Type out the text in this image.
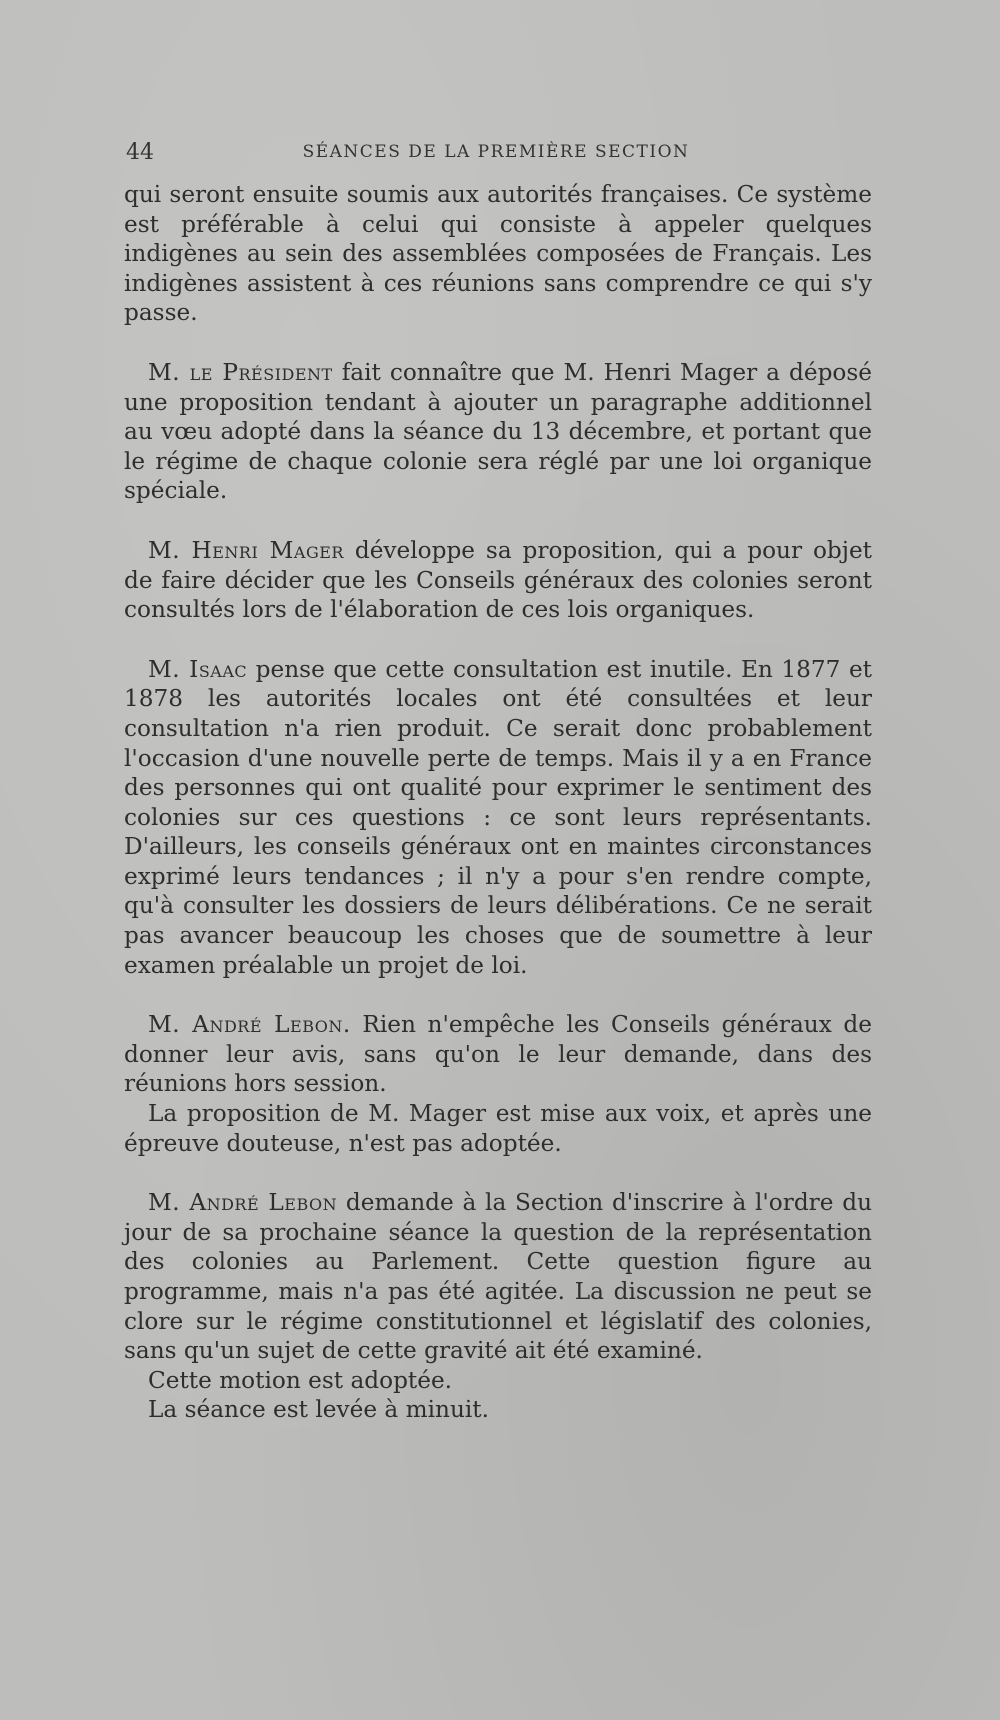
44	SÉANCES DE LA PREMIÈRE SECTION

qui seront ensuite soumis aux autorités françaises. Ce système est préférable à celui qui consiste à appeler quelques indigènes au sein des assemblées composées de Français. Les indigènes assistent à ces réunions sans comprendre ce qui s'y passe.

M. le Président fait connaître que M. Henri Mager a déposé une proposition tendant à ajouter un paragraphe additionnel au vœu adopté dans la séance du 13 décembre, et portant que le régime de chaque colonie sera réglé par une loi organique spéciale.

M. Henri Mager développe sa proposition, qui a pour objet de faire décider que les Conseils généraux des colonies seront consultés lors de l'élaboration de ces lois organiques.

M. Isaac pense que cette consultation est inutile. En 1877 et 1878 les autorités locales ont été consultées et leur consultation n'a rien produit. Ce serait donc probablement l'occasion d'une nouvelle perte de temps. Mais il y a en France des personnes qui ont qualité pour exprimer le sentiment des colonies sur ces questions : ce sont leurs représentants. D'ailleurs, les conseils généraux ont en maintes circonstances exprimé leurs tendances ; il n'y a pour s'en rendre compte, qu'à consulter les dossiers de leurs délibérations. Ce ne serait pas avancer beaucoup les choses que de soumettre à leur examen préalable un projet de loi.

M. André Lebon. Rien n'empêche les Conseils généraux de donner leur avis, sans qu'on le leur demande, dans des réunions hors session.

La proposition de M. Mager est mise aux voix, et après une épreuve douteuse, n'est pas adoptée.

M. André Lebon demande à la Section d'inscrire à l'ordre du jour de sa prochaine séance la question de la représentation des colonies au Parlement. Cette question figure au programme, mais n'a pas été agitée. La discussion ne peut se clore sur le régime constitutionnel et législatif des colonies, sans qu'un sujet de cette gravité ait été examiné.

Cette motion est adoptée.

La séance est levée à minuit.
